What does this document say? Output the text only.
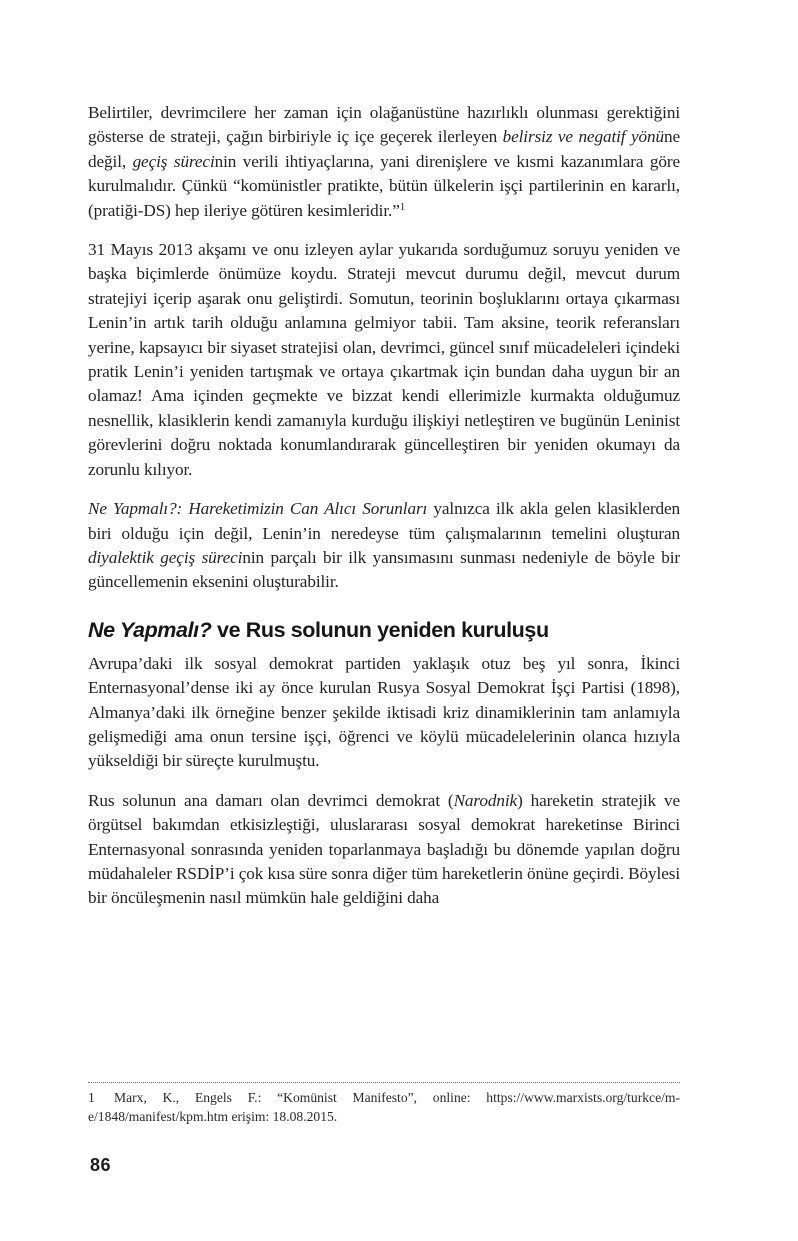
Belirtiler, devrimcilere her zaman için olağanüstüne hazırlıklı olunması gerektiğini gösterse de strateji, çağın birbiriyle iç içe geçerek ilerleyen belirsiz ve negatif yönüne değil, geçiş sürecinin verili ihtiyaçlarına, yani direnişlere ve kısmi kazanımlara göre kurulmalıdır. Çünkü “komünistler pratikte, bütün ülkelerin işçi partilerinin en kararlı, (pratiği-DS) hep ileriye götüren kesimleridir.”$^1$

31 Mayıs 2013 akşamı ve onu izleyen aylar yukarıda sorduğumuz soruyu yeniden ve başka biçimlerde önümüze koydu. Strateji mevcut durumu değil, mevcut durum stratejiyi içerip aşarak onu geliştirdi. Somutun, teorinin boşluklarını ortaya çıkarması Lenin’in artık tarih olduğu anlamına gelmiyor tabii. Tam aksine, teorik referansları yerine, kapsayıcı bir siyaset stratejisi olan, devrimci, güncel sınıf mücadeleleri içindeki pratik Lenin’i yeniden tartışmak ve ortaya çıkartmak için bundan daha uygun bir an olamaz! Ama içinden geçmekte ve bizzat kendi ellerimizle kurmakta olduğumuz nesnellik, klasiklerin kendi zamanıyla kurduğu ilişkiyi netleştiren ve bugünün Leninist görevlerini doğru noktada konumlandırarak güncelleştiren bir yeniden okumayı da zorunlu kılıyor.

Ne Yapmalı?: Hareketimizin Can Alıcı Sorunları yalnızca ilk akla gelen klasiklerden biri olduğu için değil, Lenin’in neredeyse tüm çalışmalarının temelini oluşturan diyalektik geçiş sürecinin parçalı bir ilk yansımasını sunması nedeniyle de böyle bir güncellemenin eksenini oluşturabilir.

Ne Yapmalı? ve Rus solunun yeniden kuruluşu

Avrupa’daki ilk sosyal demokrat partiden yaklaşık otuz beş yıl sonra, İkinci Enternasyonal’dense iki ay önce kurulan Rusya Sosyal Demokrat İşçi Partisi (1898), Almanya’daki ilk örneğine benzer şekilde iktisadi kriz dinamiklerinin tam anlamıyla gelişmediği ama onun tersine işçi, öğrenci ve köylü mücadelelerinin olanca hızıyla yükseldiği bir süreçte kurulmuştu.

Rus solunun ana damarı olan devrimci demokrat (Narodnik) hareketin stratejik ve örgütsel bakımdan etkisizleştiği, uluslararası sosyal demokrat hareketinse Birinci Enternasyonal sonrasında yeniden toparlanmaya başladığı bu dönemde yapılan doğru müdahaleler RSDİP’i çok kısa süre sonra diğer tüm hareketlerin önüne geçirdi. Böylesi bir öncüleşmenin nasıl mümkün hale geldiğini daha

1 Marx, K., Engels F.: “Komünist Manifesto”, online: https://www.marxists.org/turkce/m-e/1848/manifest/kpm.htm erişim: 18.08.2015.

86
